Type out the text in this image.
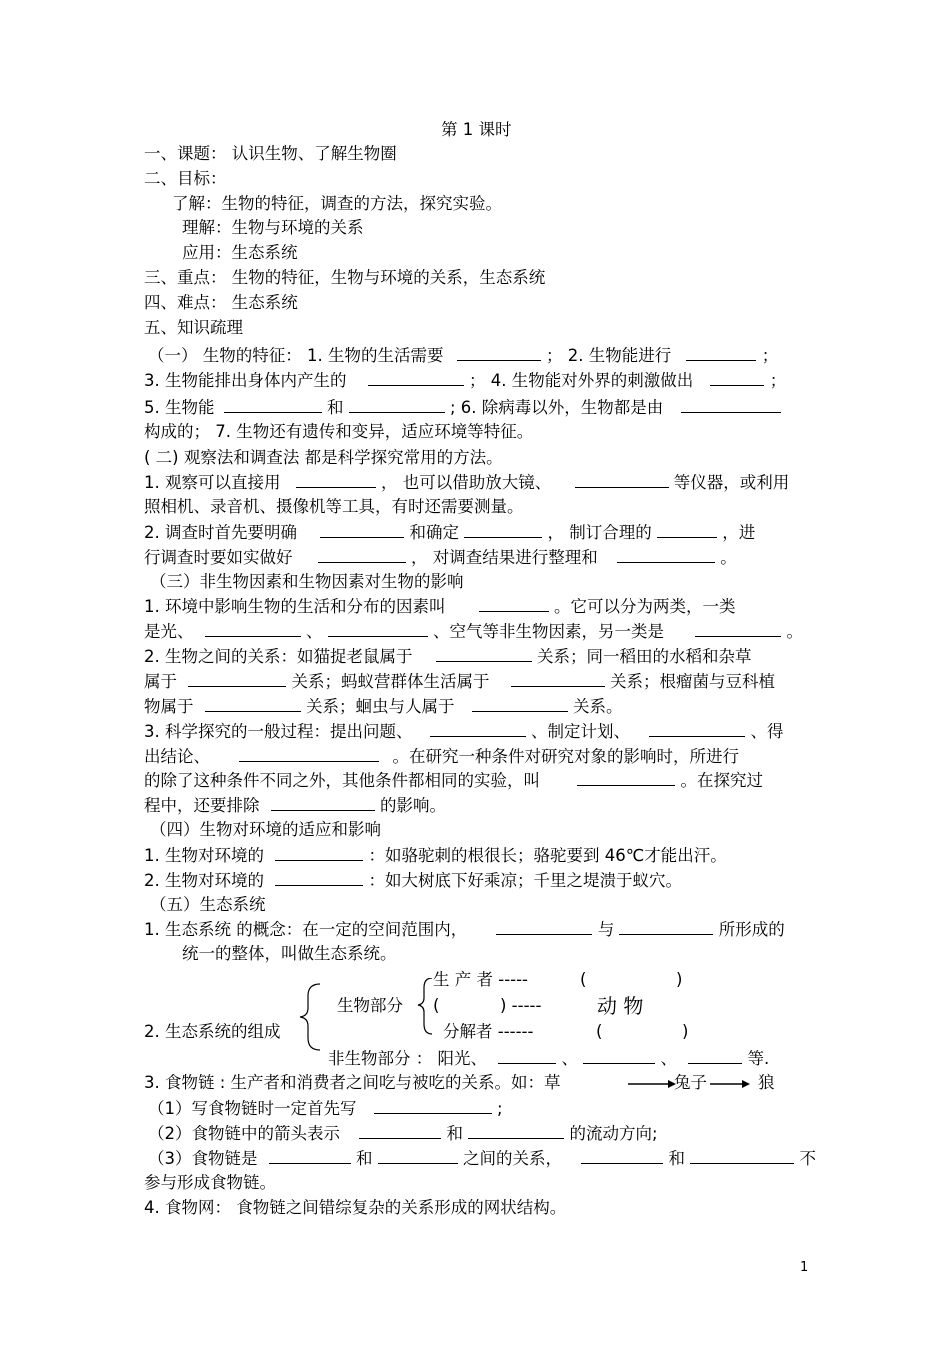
第 1 课时
一、课题： 认识生物、了解生物圈
二、目标：
了解：生物的特征，调查的方法，探究实验。
理解：生物与环境的关系
应用：生态系统
三、重点： 生物的特征，生物与环境的关系，生态系统
四、难点： 生态系统
五、知识疏理
（一） 生物的特征： 1. 生物的生活需要	； 2. 生物能进行	；
3. 生物能排出身体内产生的	； 4. 生物能对外界的刺激做出	；
5. 生物能	和	; 6. 除病毒以外，生物都是由
构成的； 7. 生物还有遗传和变异，适应环境等特征。
( 二) 观察法和调查法 都是科学探究常用的方法。
1. 观察可以直接用	， 也可以借助放大镜、	等仪器，或利用
照相机、录音机、摄像机等工具，有时还需要测量。
2. 调查时首先要明确	和确定	， 制订合理的	，进
行调查时要如实做好	， 对调查结果进行整理和	。
（三）非生物因素和生物因素对生物的影响
1. 环境中影响生物的生活和分布的因素叫	。它可以分为两类，一类
是光、	、	、空气等非生物因素，另一类是	。
2. 生物之间的关系：如猫捉老鼠属于	关系；同一稻田的水稻和杂草
属于	关系；蚂蚁营群体生活属于	关系；根瘤菌与豆科植
物属于	关系；蛔虫与人属于	关系。
3. 科学探究的一般过程：提出问题、	、制定计划、	、得
出结论、	。在研究一种条件对研究对象的影响时，所进行
的除了这种条件不同之外，其他条件都相同的实验，叫	。在探究过
程中，还要排除	的影响。
（四）生物对环境的适应和影响
1. 生物对环境的	：如骆驼刺的根很长；骆驼要到 46℃才能出汗。
2. 生物对环境的	：如大树底下好乘凉；千里之堤溃于蚁穴。
（五）生态系统
1. 生态系统 的概念：在一定的空间范围内，	与	所形成的
统一的整体，叫做生态系统。
2. 生态系统的组成
生物部分
生 产 者 -----	(	)
(	) -----	动 物
分解者 ------	(	)
非生物部分 ： 阳光、	、	、	等.
3. 食物链 : 生产者和消费者之间吃与被吃的关系。如：草	兔子	狼
（1）写食物链时一定首先写	;
（2）食物链中的箭头表示	和	的流动方向;
（3）食物链是	和	之间的关系，	和	不
参与形成食物链。
4. 食物网： 食物链之间错综复杂的关系形成的网状结构。
1
